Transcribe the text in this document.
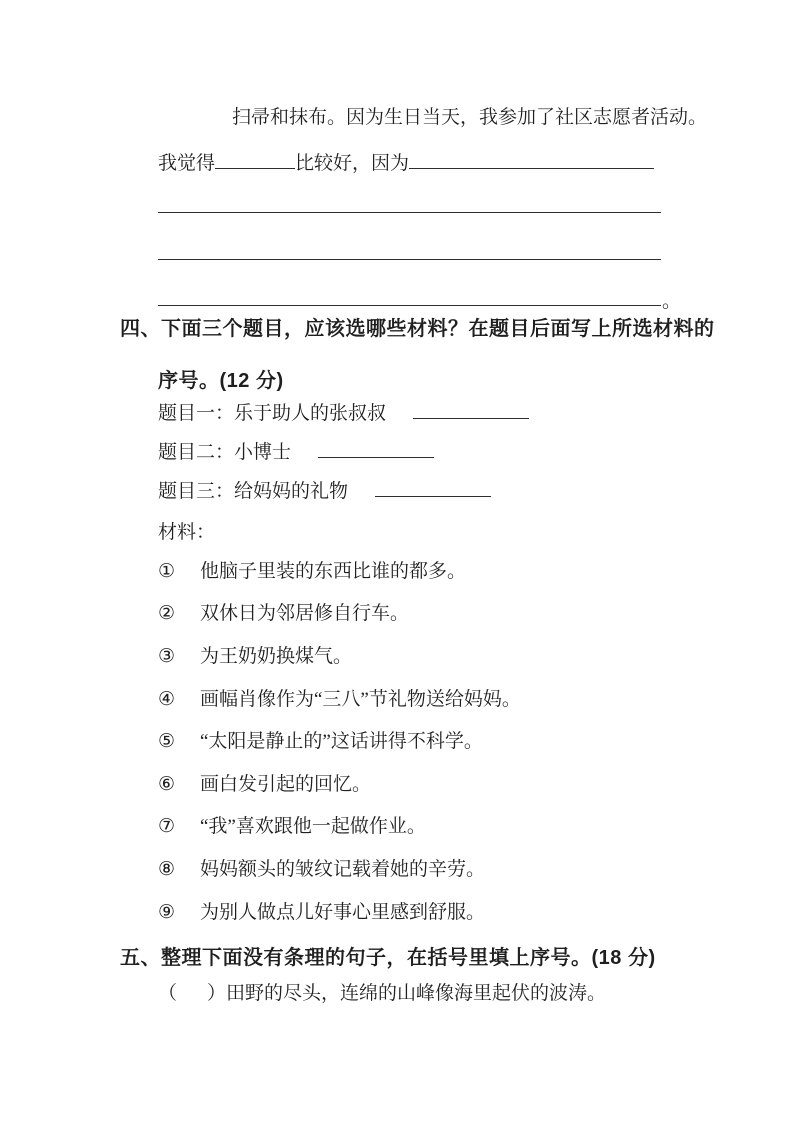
扫帚和抹布。因为生日当天，我参加了社区志愿者活动。
我觉得	比较好，因为
。
四、下面三个题目，应该选哪些材料？在题目后面写上所选材料的
序号。(12 分)
题目一：乐于助人的张叔叔
题目二：小博士
题目三：给妈妈的礼物
材料：
① 他脑子里装的东西比谁的都多。
② 双休日为邻居修自行车。
③ 为王奶奶换煤气。
④ 画幅肖像作为“三八”节礼物送给妈妈。
⑤ “太阳是静止的”这话讲得不科学。
⑥ 画白发引起的回忆。
⑦ “我”喜欢跟他一起做作业。
⑧ 妈妈额头的皱纹记载着她的辛劳。
⑨ 为别人做点儿好事心里感到舒服。
五、整理下面没有条理的句子，在括号里填上序号。(18 分)
（ ）田野的尽头，连绵的山峰像海里起伏的波涛。
